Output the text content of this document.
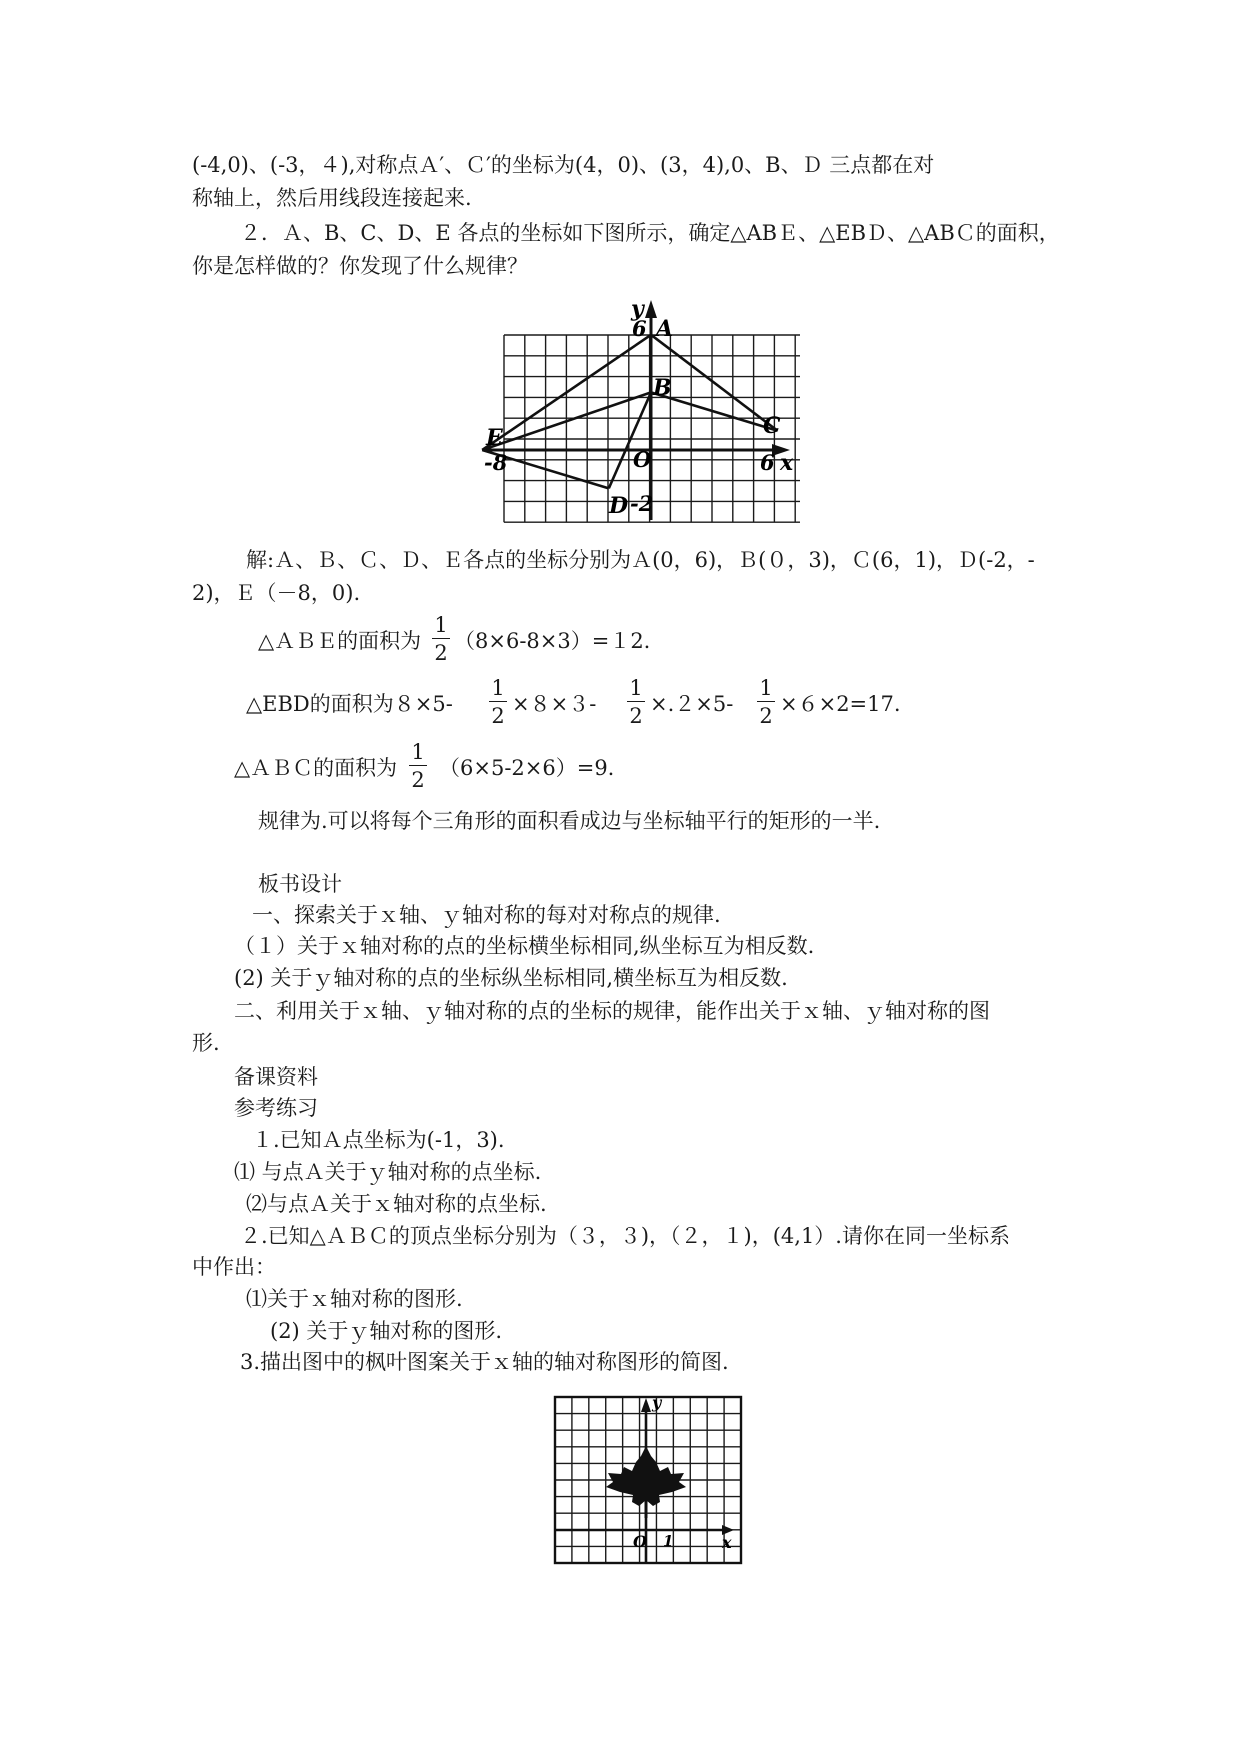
(-4,0)、(-3，４),对称点Ａ′、Ｃ′的坐标为(4，0)、(3，4),0、B、Ｄ 三点都在对
称轴上，然后用线段连接起来.
２．Ａ、B、C、D、E 各点的坐标如下图所示，确定△ABＥ、△EBＤ、△ABＣ的面积，
你是怎样做的？你发现了什么规律？
y
6 A
B
C
E
-8	O	6 x
D -2
解:Ａ、Ｂ、Ｃ、Ｄ、Ｅ各点的坐标分别为Ａ(0，6)，Ｂ(０，3)，Ｃ(6，1)，Ｄ(-2，-
2)，Ｅ（－8，0).
△ＡＢＥ的面积为 $\frac{1}{2} (8\times 6-8\times 3)=12$.
△EBD的面积为$8\times 5- \frac{1}{2} \times 8\times 3- \frac{1}{2} \times.2\times 5- \frac{1}{2} \times 6\times 2=17$.
△ＡＢＣ的面积为 $\frac{1}{2} (6\times 5-2\times 6)=9$.
规律为.可以将每个三角形的面积看成边与坐标轴平行的矩形的一半.
板书设计
一、探索关于ｘ轴、ｙ轴对称的每对对称点的规律.
（１）关于ｘ轴对称的点的坐标横坐标相同,纵坐标互为相反数.
(2) 关于ｙ轴对称的点的坐标纵坐标相同,横坐标互为相反数.
二、利用关于ｘ轴、ｙ轴对称的点的坐标的规律，能作出关于ｘ轴、ｙ轴对称的图
形.
备课资料
参考练习
１.已知Ａ点坐标为(-1，3).
⑴ 与点Ａ关于ｙ轴对称的点坐标.
⑵与点Ａ关于ｘ轴对称的点坐标.
２.已知△ＡＢＣ的顶点坐标分别为（３，３)，（２，１)，(4,1）.请你在同一坐标系
中作出：
⑴关于ｘ轴对称的图形.
(2) 关于ｙ轴对称的图形.
3.描出图中的枫叶图案关于ｘ轴的轴对称图形的简图.
y
O 1	x
